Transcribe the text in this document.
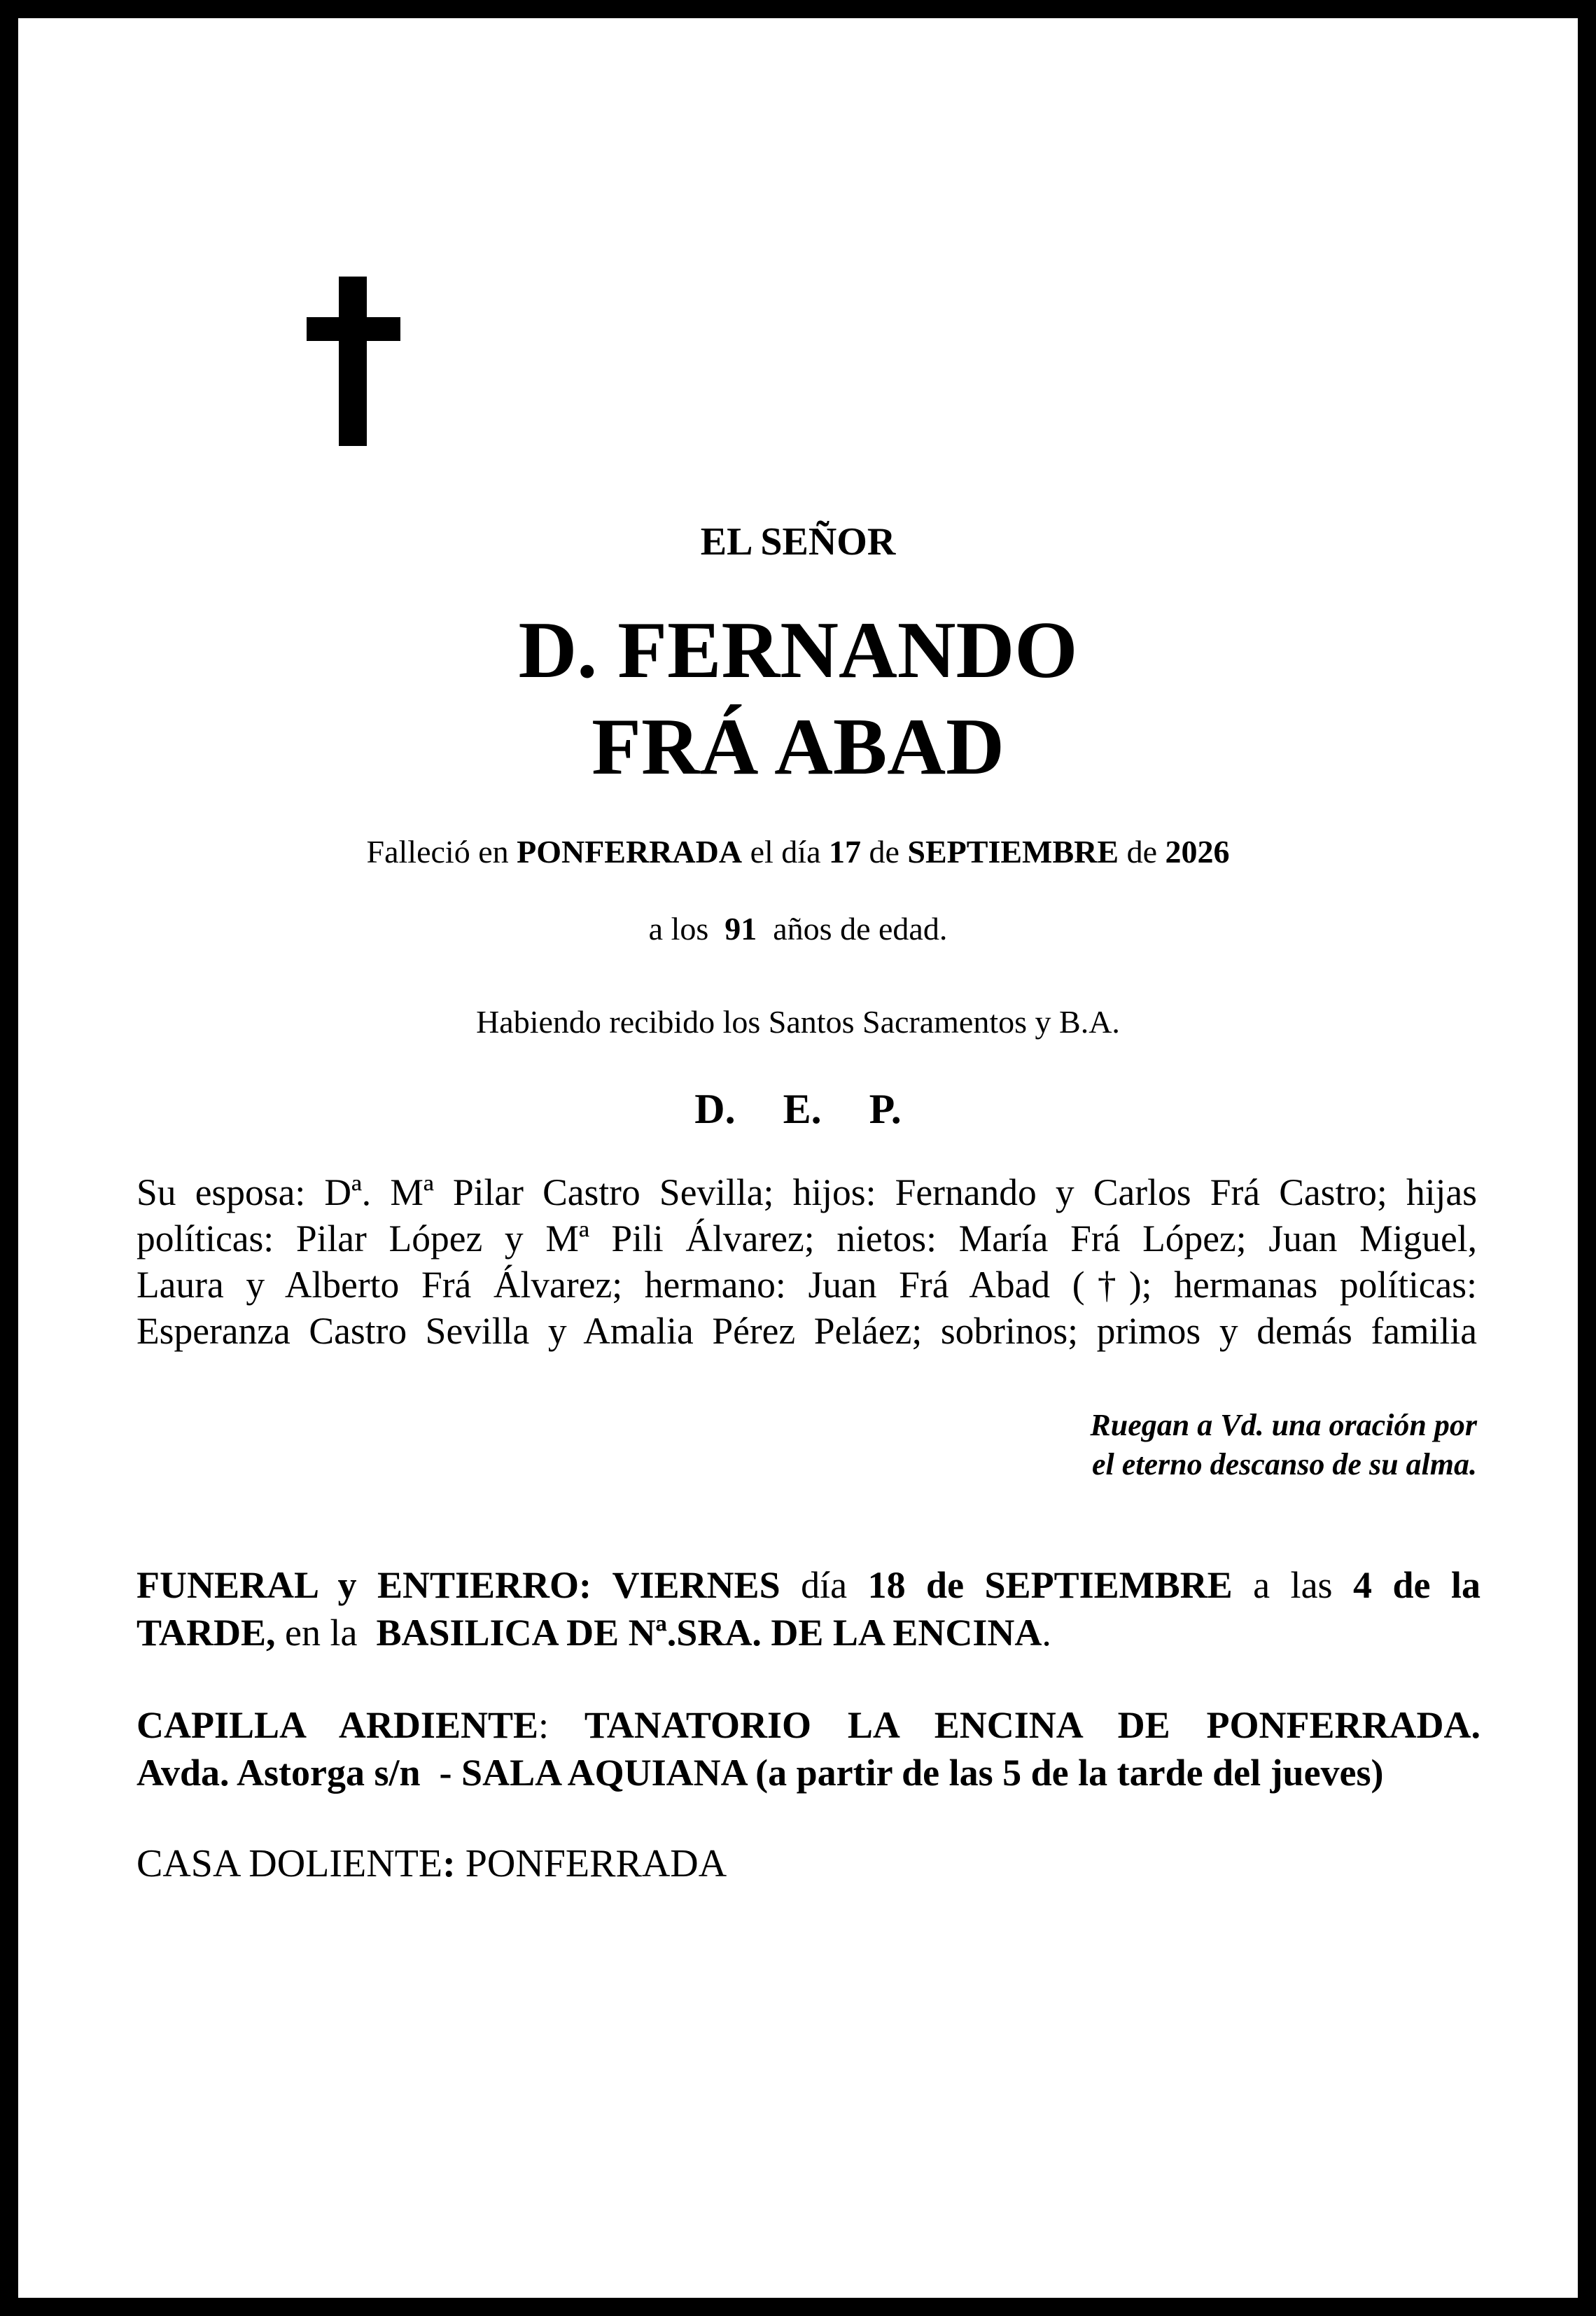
EL SEÑOR
D. FERNANDO
FRÁ ABAD
Falleció en PONFERRADA el día 17 de SEPTIEMBRE de 2026
a los 91 años de edad.
Habiendo recibido los Santos Sacramentos y B.A.
D. E. P.
Su esposa: Dª. Mª Pilar Castro Sevilla; hijos: Fernando y Carlos Frá Castro; hijas
políticas: Pilar López y Mª Pili Álvarez; nietos: María Frá López; Juan Miguel,
Laura y Alberto Frá Álvarez; hermano: Juan Frá Abad (†); hermanas políticas:
Esperanza Castro Sevilla y Amalia Pérez Peláez; sobrinos; primos y demás familia
Ruegan a Vd. una oración por
el eterno descanso de su alma.
FUNERAL y ENTIERRO: VIERNES día 18 de SEPTIEMBRE a las 4 de la
TARDE, en la BASILICA DE Nª.SRA. DE LA ENCINA.
CAPILLA ARDIENTE: TANATORIO LA ENCINA DE PONFERRADA.
Avda. Astorga s/n  - SALA AQUIANA (a partir de las 5 de la tarde del jueves)
CASA DOLIENTE: PONFERRADA
